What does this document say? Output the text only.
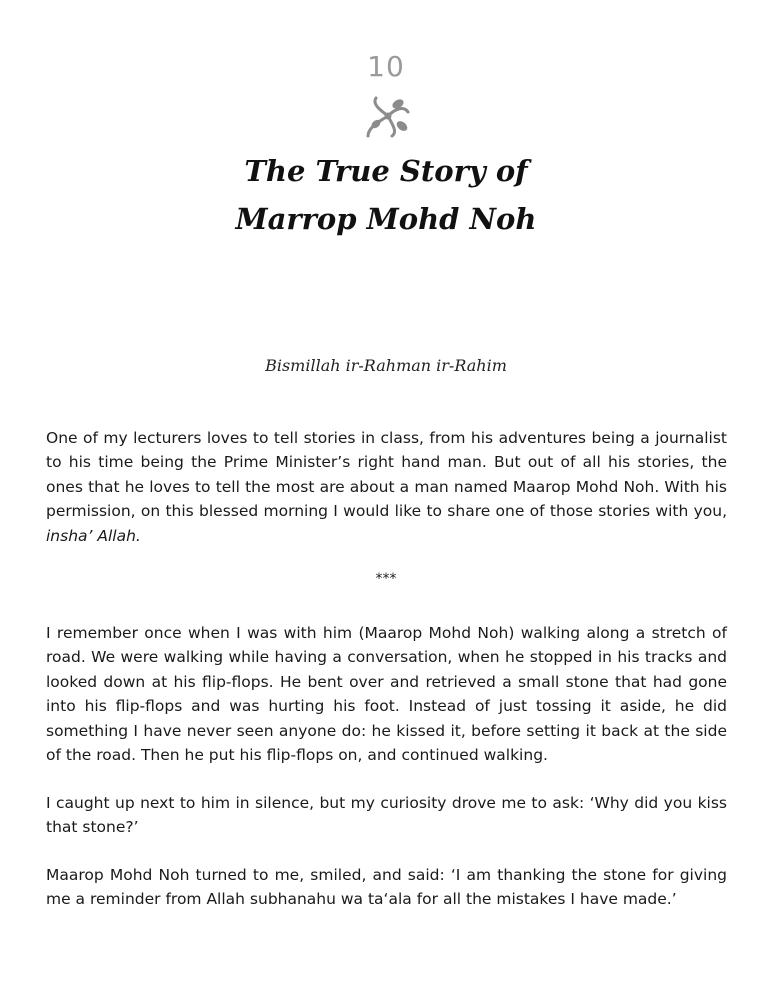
10
The True Story of
Marrop Mohd Noh
Bismillah ir-Rahman ir-Rahim

One of my lecturers loves to tell stories in class, from his adventures being a journalist to his time being the Prime Minister’s right hand man. But out of all his stories, the ones that he loves to tell the most are about a man named Maarop Mohd Noh. With his permission, on this blessed morning I would like to share one of those stories with you, insha’ Allah.

***

I remember once when I was with him (Maarop Mohd Noh) walking along a stretch of road. We were walking while having a conversation, when he stopped in his tracks and looked down at his flip-flops. He bent over and retrieved a small stone that had gone into his flip-flops and was hurting his foot. Instead of just tossing it aside, he did something I have never seen anyone do: he kissed it, before setting it back at the side of the road. Then he put his flip-flops on, and continued walking.

I caught up next to him in silence, but my curiosity drove me to ask: ‘Why did you kiss that stone?’

Maarop Mohd Noh turned to me, smiled, and said: ‘I am thanking the stone for giving me a reminder from Allah subhanahu wa ta‘ala for all the mistakes I have made.’
